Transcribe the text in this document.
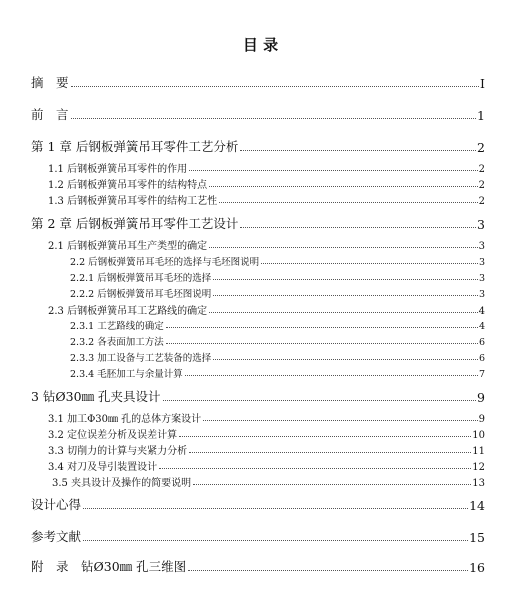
目 录
摘　要	I
前　言	1
第 1 章 后钢板弹簧吊耳零件工艺分析	2
1.1 后钢板弹簧吊耳零件的作用	2
1.2 后钢板弹簧吊耳零件的结构特点	2
1.3 后钢板弹簧吊耳零件的结构工艺性	2
第 2 章 后钢板弹簧吊耳零件工艺设计	3
2.1 后钢板弹簧吊耳生产类型的确定	3
2.2 后钢板弹簧吊耳毛坯的选择与毛坯图说明	3
2.2.1 后钢板弹簧吊耳毛坯的选择	3
2.2.2 后钢板弹簧吊耳毛坯图说明	3
2.3 后钢板弹簧吊耳工艺路线的确定	4
2.3.1 工艺路线的确定	4
2.3.2 各表面加工方法	6
2.3.3 加工设备与工艺装备的选择	6
2.3.4 毛胚加工与余量计算	7
3 钻Ø30㎜ 孔夹具设计	9
3.1 加工Φ30㎜ 孔的总体方案设计	9
3.2 定位误差分析及误差计算	10
3.3 切削力的计算与夹紧力分析	11
3.4 对刀及导引装置设计	12
3.5 夹具设计及操作的简要说明	13
设计心得	14
参考文献	15
附　录　钻Ø30㎜ 孔三维图	16
